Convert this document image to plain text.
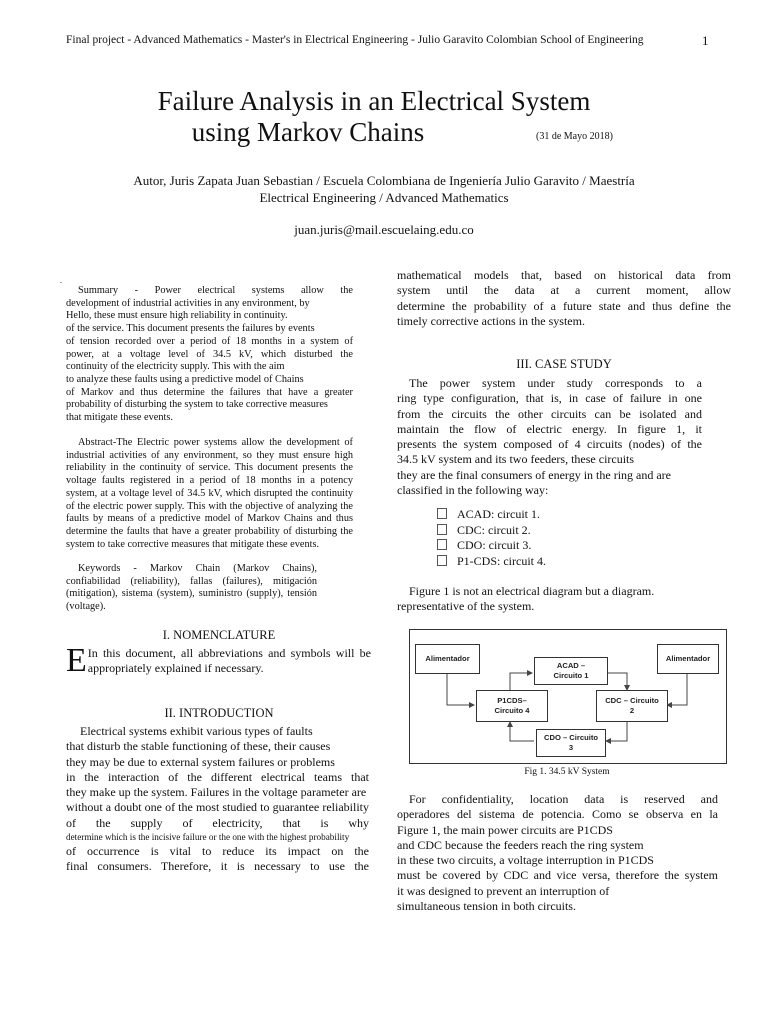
Final project - Advanced Mathematics - Master's in Electrical Engineering - Julio Garavito Colombian School of Engineering	1
Failure Analysis in an Electrical System
using Markov Chains	(31 de Mayo 2018)
Autor, Juris Zapata Juan Sebastian / Escuela Colombiana de Ingeniería Julio Garavito / Maestría
Electrical Engineering / Advanced Mathematics
juan.juris@mail.escuelaing.edu.co
.
Summary - Power electrical systems allow the
development of industrial activities in any environment, by
Hello, these must ensure high reliability in continuity.
of the service. This document presents the failures by events
of tension recorded over a period of 18 months in a system of
power, at a voltage level of 34.5 kV, which disturbed the
continuity of the electricity supply. This with the aim
to analyze these faults using a predictive model of Chains
of Markov and thus determine the failures that have a greater
probability of disturbing the system to take corrective measures
that mitigate these events.

Abstract-The Electric power systems allow the development of industrial activities of any environment, so they must ensure high reliability in the continuity of service. This document presents the voltage faults registered in a period of 18 months in a potency system, at a voltage level of 34.5 kV, which disrupted the continuity of the electric power supply. This with the objective of analyzing the faults by means of a predictive model of Markov Chains and thus determine the faults that have a greater probability of disturbing the system to take corrective measures that mitigate these events.

Keywords - Markov Chain (Markov Chains), confiabilidad (reliability), fallas (failures), mitigación (mitigation), sistema (system), suministro (supply), tensión (voltage).

I. NOMENCLATURE
E In this document, all abbreviations and symbols will be appropriately explained if necessary.

II. INTRODUCTION
Electrical systems exhibit various types of faults
that disturb the stable functioning of these, their causes
they may be due to external system failures or problems
in the interaction of the different electrical teams that
they make up the system. Failures in the voltage parameter are
without a doubt one of the most studied to guarantee reliability
of the supply of electricity, that is why
determine which is the incisive failure or the one with the highest probability
of occurrence is vital to reduce its impact on the
final consumers. Therefore, it is necessary to use the
mathematical models that, based on historical data from
system until the data at a current moment, allow
determine the probability of a future state and thus define the
timely corrective actions in the system.
III. CASE STUDY
The power system under study corresponds to a
ring type configuration, that is, in case of failure in one
from the circuits the other circuits can be isolated and
maintain the flow of electric energy. In figure 1, it
presents the system composed of 4 circuits (nodes) of the
34.5 kV system and its two feeders, these circuits
they are the final consumers of energy in the ring and are
classified in the following way:
ACAD: circuit 1.
CDC: circuit 2.
CDO: circuit 3.
P1-CDS: circuit 4.
Figure 1 is not an electrical diagram but a diagram.
representative of the system.
Alimentador	Alimentador
ACAD –
Circuito 1
P1CDS–
Circuito 4
CDC – Circuito
2
CDO – Circuito
3
Fig 1. 34.5 kV System
For confidentiality, location data is reserved and
operadores del sistema de potencia. Como se observa en la
Figure 1, the main power circuits are P1CDS
and CDC because the feeders reach the ring system
in these two circuits, a voltage interruption in P1CDS
must be covered by CDC and vice versa, therefore the system
it was designed to prevent an interruption of
simultaneous tension in both circuits.
